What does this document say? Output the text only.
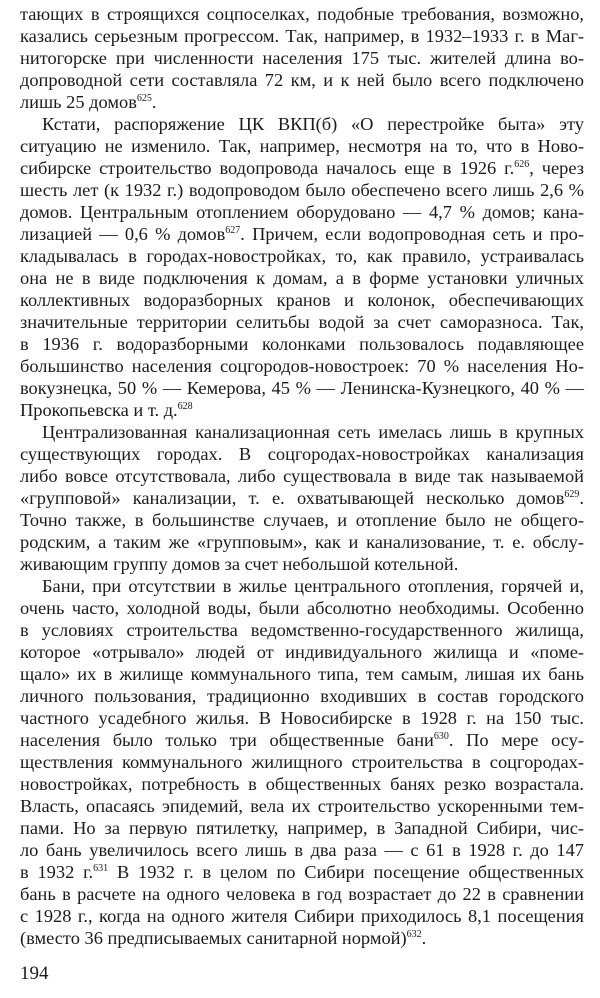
тающих в строящихся соцпоселках, подобные требования, возможно,
казались серьезным прогрессом. Так, например, в 1932–1933 г. в Маг-
нитогорске при численности населения 175 тыс. жителей длина во-
допроводной сети составляла 72 км, и к ней было всего подключено
лишь 25 домов$^{625}$.
Кстати, распоряжение ЦК ВКП(б) «О перестройке быта» эту
ситуацию не изменило. Так, например, несмотря на то, что в Ново-
сибирске строительство водопровода началось еще в 1926 г.$^{626}$, через
шесть лет (к 1932 г.) водопроводом было обеспечено всего лишь 2,6 %
домов. Центральным отоплением оборудовано — 4,7 % домов; кана-
лизацией — 0,6 % домов$^{627}$. Причем, если водопроводная сеть и про-
кладывалась в городах-новостройках, то, как правило, устраивалась
она не в виде подключения к домам, а в форме установки уличных
коллективных водоразборных кранов и колонок, обеспечивающих
значительные территории селитьбы водой за счет саморазноса. Так,
в 1936 г. водоразборными колонками пользовалось подавляющее
большинство населения соцгородов-новостроек: 70 % населения Но-
вокузнецка, 50 % — Кемерова, 45 % — Ленинска-Кузнецкого, 40 % —
Прокопьевска и т. д.$^{628}$
Централизованная канализационная сеть имелась лишь в крупных
существующих городах. В соцгородах-новостройках канализация
либо вовсе отсутствовала, либо существовала в виде так называемой
«групповой» канализации, т. е. охватывающей несколько домов$^{629}$.
Точно также, в большинстве случаев, и отопление было не общего-
родским, а таким же «групповым», как и канализование, т. е. обслу-
живающим группу домов за счет небольшой котельной.
Бани, при отсутствии в жилье центрального отопления, горячей и,
очень часто, холодной воды, были абсолютно необходимы. Особенно
в условиях строительства ведомственно-государственного жилища,
которое «отрывало» людей от индивидуального жилища и «поме-
щало» их в жилище коммунального типа, тем самым, лишая их бань
личного пользования, традиционно входивших в состав городского
частного усадебного жилья. В Новосибирске в 1928 г. на 150 тыс.
населения было только три общественные бани$^{630}$. По мере осу-
ществления коммунального жилищного строительства в соцгородах-
новостройках, потребность в общественных банях резко возрастала.
Власть, опасаясь эпидемий, вела их строительство ускоренными тем-
пами. Но за первую пятилетку, например, в Западной Сибири, чис-
ло бань увеличилось всего лишь в два раза — с 61 в 1928 г. до 147
в 1932 г.$^{631}$ В 1932 г. в целом по Сибири посещение общественных
бань в расчете на одного человека в год возрастает до 22 в сравнении
с 1928 г., когда на одного жителя Сибири приходилось 8,1 посещения
(вместо 36 предписываемых санитарной нормой)$^{632}$.
194
